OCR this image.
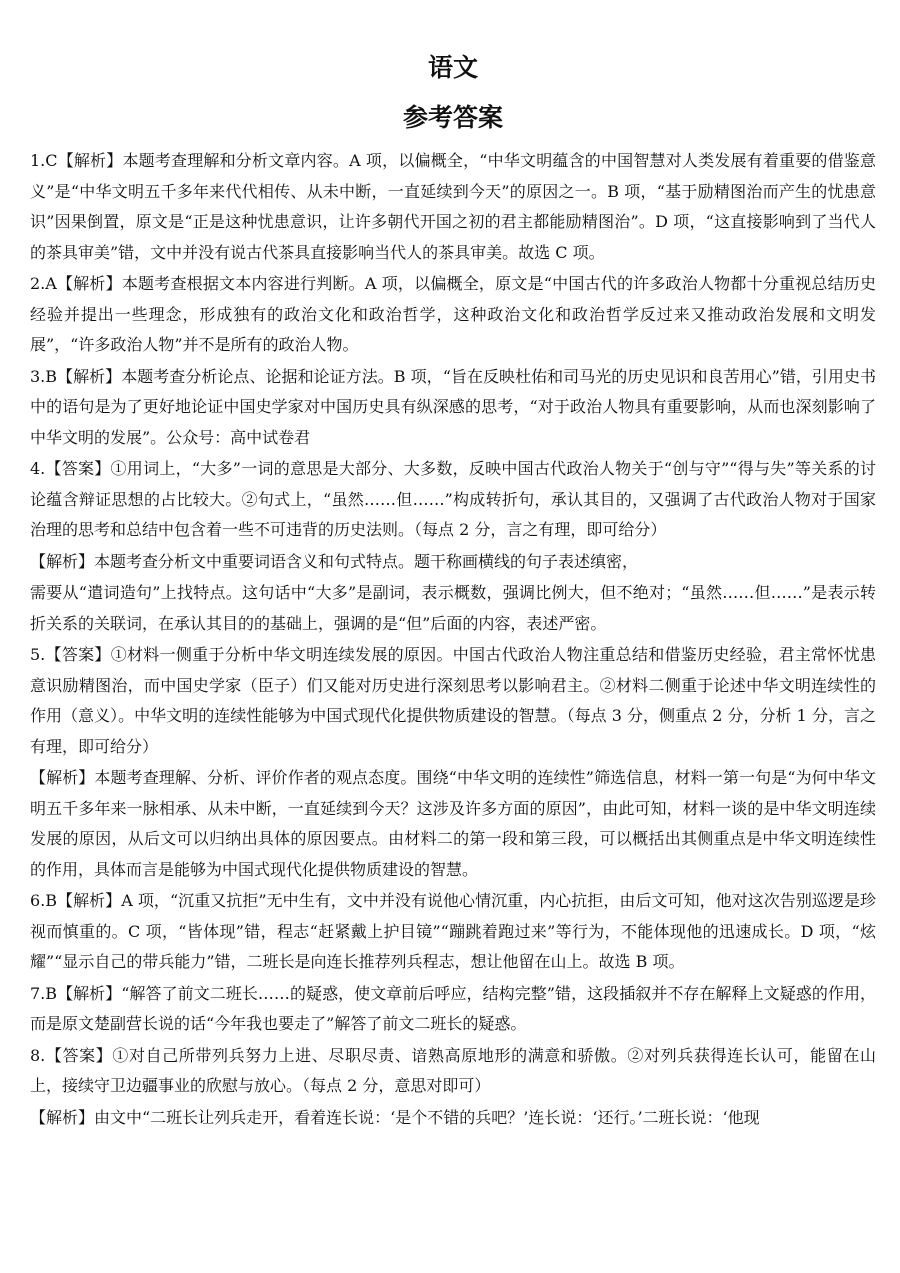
语文
参考答案

1.C【解析】本题考查理解和分析文章内容。A 项，以偏概全，“中华文明蕴含的中国智慧对人类发展有着重要的借鉴意义”是“中华文明五千多年来代代相传、从未中断，一直延续到今天”的原因之一。B 项，“基于励精图治而产生的忧患意识”因果倒置，原文是“正是这种忧患意识，让许多朝代开国之初的君主都能励精图治”。D 项，“这直接影响到了当代人的茶具审美”错，文中并没有说古代茶具直接影响当代人的茶具审美。故选 C 项。

2.A【解析】本题考查根据文本内容进行判断。A 项，以偏概全，原文是“中国古代的许多政治人物都十分重视总结历史经验并提出一些理念，形成独有的政治文化和政治哲学，这种政治文化和政治哲学反过来又推动政治发展和文明发展”，“许多政治人物”并不是所有的政治人物。

3.B【解析】本题考查分析论点、论据和论证方法。B 项，“旨在反映杜佑和司马光的历史见识和良苦用心”错，引用史书中的语句是为了更好地论证中国史学家对中国历史具有纵深感的思考，“对于政治人物具有重要影响，从而也深刻影响了中华文明的发展”。公众号：高中试卷君

4.【答案】①用词上，“大多”一词的意思是大部分、大多数，反映中国古代政治人物关于“创与守”“得与失”等关系的讨论蕴含辩证思想的占比较大。②句式上，“虽然……但……”构成转折句，承认其目的，又强调了古代政治人物对于国家治理的思考和总结中包含着一些不可违背的历史法则。（每点 2 分，言之有理，即可给分）

【解析】本题考查分析文中重要词语含义和句式特点。题干称画横线的句子表述缜密，

需要从“遣词造句”上找特点。这句话中“大多”是副词，表示概数，强调比例大，但不绝对；“虽然……但……”是表示转折关系的关联词，在承认其目的的基础上，强调的是“但”后面的内容，表述严密。

5.【答案】①材料一侧重于分析中华文明连续发展的原因。中国古代政治人物注重总结和借鉴历史经验，君主常怀忧患意识励精图治，而中国史学家（臣子）们又能对历史进行深刻思考以影响君主。②材料二侧重于论述中华文明连续性的作用（意义）。中华文明的连续性能够为中国式现代化提供物质建设的智慧。（每点 3 分，侧重点 2 分，分析 1 分，言之有理，即可给分）

【解析】本题考查理解、分析、评价作者的观点态度。围绕“中华文明的连续性”筛选信息，材料一第一句是“为何中华文明五千多年来一脉相承、从未中断，一直延续到今天？这涉及许多方面的原因”，由此可知，材料一谈的是中华文明连续发展的原因，从后文可以归纳出具体的原因要点。由材料二的第一段和第三段，可以概括出其侧重点是中华文明连续性的作用，具体而言是能够为中国式现代化提供物质建设的智慧。

6.B【解析】A 项，“沉重又抗拒”无中生有，文中并没有说他心情沉重，内心抗拒，由后文可知，他对这次告别巡逻是珍视而慎重的。C 项，“皆体现”错，程志“赶紧戴上护目镜”“蹦跳着跑过来”等行为，不能体现他的迅速成长。D 项，“炫耀”“显示自己的带兵能力”错，二班长是向连长推荐列兵程志，想让他留在山上。故选 B 项。

7.B【解析】“解答了前文二班长……的疑惑，使文章前后呼应，结构完整”错，这段插叙并不存在解释上文疑惑的作用，而是原文楚副营长说的话“今年我也要走了”解答了前文二班长的疑惑。

8.【答案】①对自己所带列兵努力上进、尽职尽责、谙熟高原地形的满意和骄傲。②对列兵获得连长认可，能留在山上，接续守卫边疆事业的欣慰与放心。（每点 2 分，意思对即可）

【解析】由文中“二班长让列兵走开，看着连长说：‘是个不错的兵吧？’连长说：‘还行。’二班长说：‘他现
